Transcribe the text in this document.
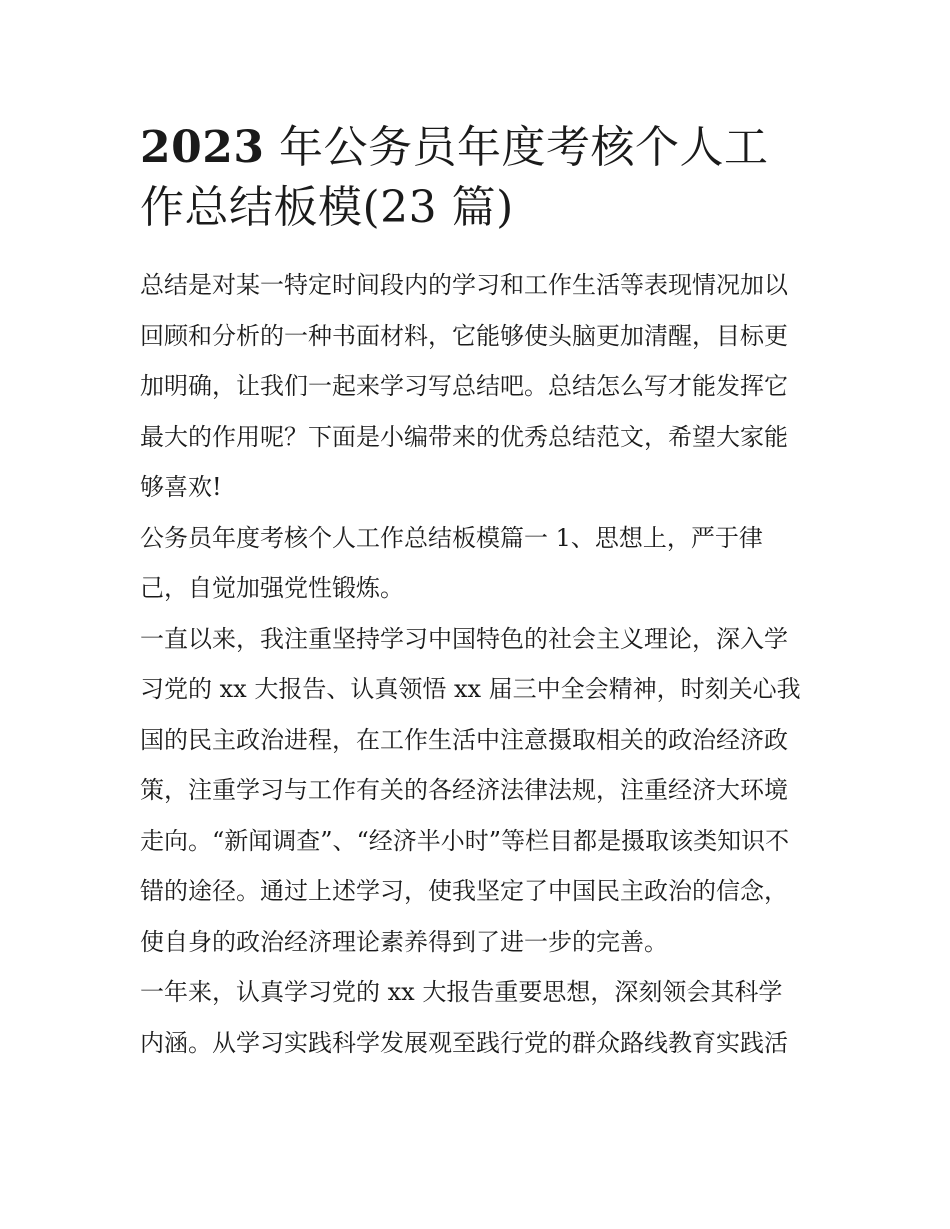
2023 年公务员年度考核个人工
作总结板模(23 篇)

总结是对某一特定时间段内的学习和工作生活等表现情况加以
回顾和分析的一种书面材料，它能够使头脑更加清醒，目标更
加明确，让我们一起来学习写总结吧。总结怎么写才能发挥它
最大的作用呢？下面是小编带来的优秀总结范文，希望大家能
够喜欢!

公务员年度考核个人工作总结板模篇一 1、思想上，严于律
己，自觉加强党性锻炼。

一直以来，我注重坚持学习中国特色的社会主义理论，深入学
习党的 xx 大报告、认真领悟 xx 届三中全会精神，时刻关心我
国的民主政治进程，在工作生活中注意摄取相关的政治经济政
策，注重学习与工作有关的各经济法律法规，注重经济大环境
走向。“新闻调查”、“经济半小时”等栏目都是摄取该类知识不
错的途径。通过上述学习，使我坚定了中国民主政治的信念，
使自身的政治经济理论素养得到了进一步的完善。

一年来，认真学习党的 xx 大报告重要思想，深刻领会其科学
内涵。从学习实践科学发展观至践行党的群众路线教育实践活
